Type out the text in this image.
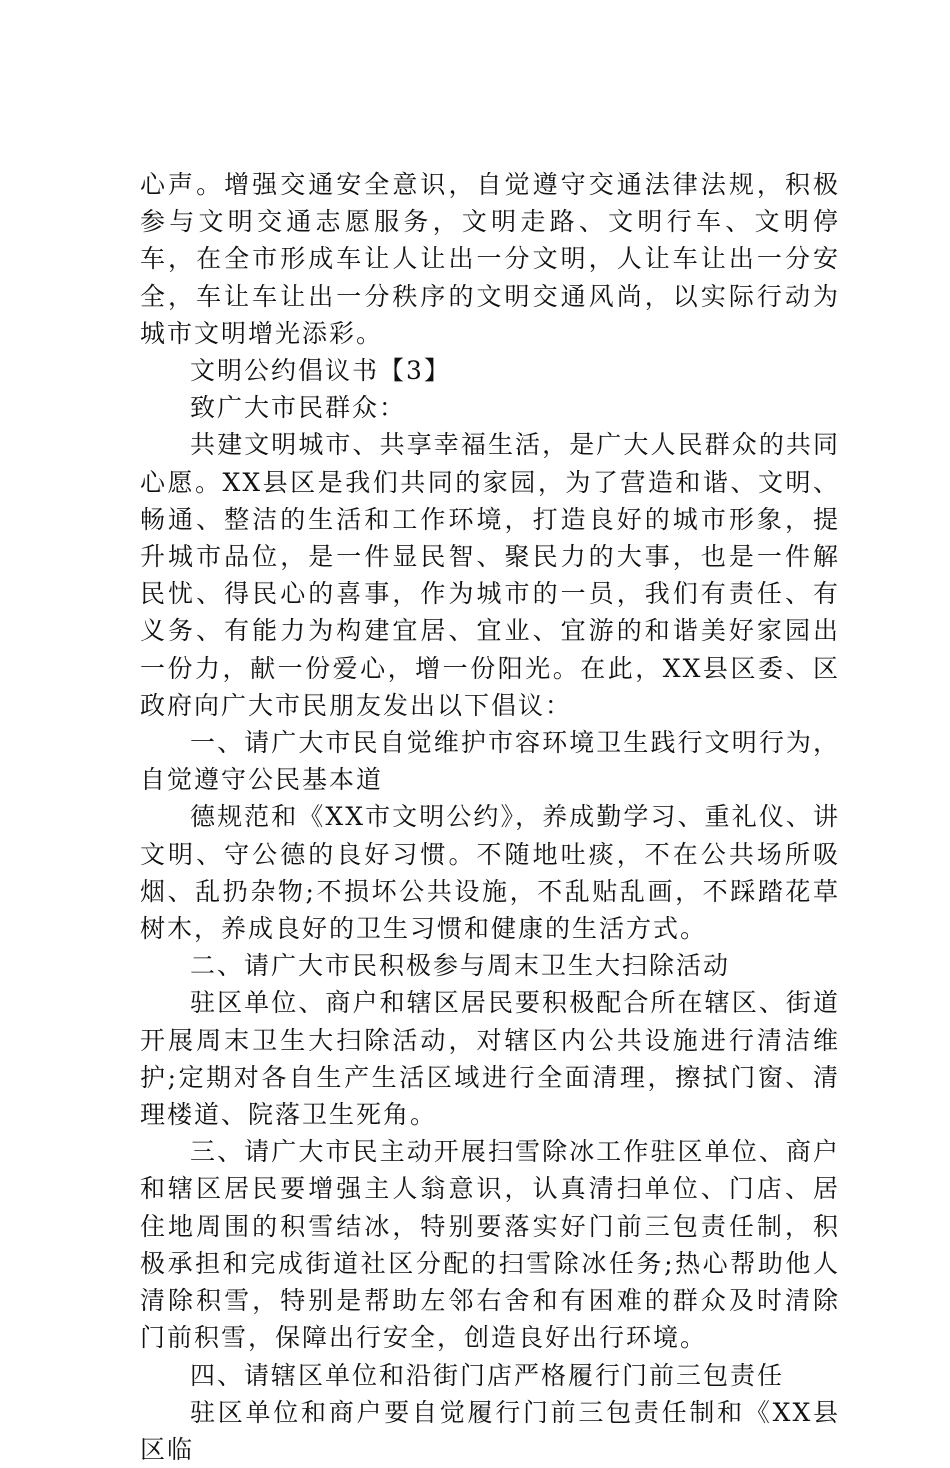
心声。增强交通安全意识，自觉遵守交通法律法规，积极参与文明交通志愿服务，文明走路、文明行车、文明停车，在全市形成车让人让出一分文明，人让车让出一分安全，车让车让出一分秩序的文明交通风尚，以实际行动为城市文明增光添彩。

文明公约倡议书【3】

致广大市民群众：

共建文明城市、共享幸福生活，是广大人民群众的共同心愿。XX县区是我们共同的家园，为了营造和谐、文明、畅通、整洁的生活和工作环境，打造良好的城市形象，提升城市品位，是一件显民智、聚民力的大事，也是一件解民忧、得民心的喜事，作为城市的一员，我们有责任、有义务、有能力为构建宜居、宜业、宜游的和谐美好家园出一份力，献一份爱心，增一份阳光。在此，XX县区委、区政府向广大市民朋友发出以下倡议：

一、请广大市民自觉维护市容环境卫生践行文明行为，自觉遵守公民基本道

德规范和《XX市文明公约》，养成勤学习、重礼仪、讲文明、守公德的良好习惯。不随地吐痰，不在公共场所吸烟、乱扔杂物;不损坏公共设施，不乱贴乱画，不踩踏花草树木，养成良好的卫生习惯和健康的生活方式。

二、请广大市民积极参与周末卫生大扫除活动

驻区单位、商户和辖区居民要积极配合所在辖区、街道开展周末卫生大扫除活动，对辖区内公共设施进行清洁维护;定期对各自生产生活区域进行全面清理，擦拭门窗、清理楼道、院落卫生死角。

三、请广大市民主动开展扫雪除冰工作驻区单位、商户和辖区居民要增强主人翁意识，认真清扫单位、门店、居住地周围的积雪结冰，特别要落实好门前三包责任制，积极承担和完成街道社区分配的扫雪除冰任务;热心帮助他人清除积雪，特别是帮助左邻右舍和有困难的群众及时清除门前积雪，保障出行安全，创造良好出行环境。

四、请辖区单位和沿街门店严格履行门前三包责任

驻区单位和商户要自觉履行门前三包责任制和《XX县区临
